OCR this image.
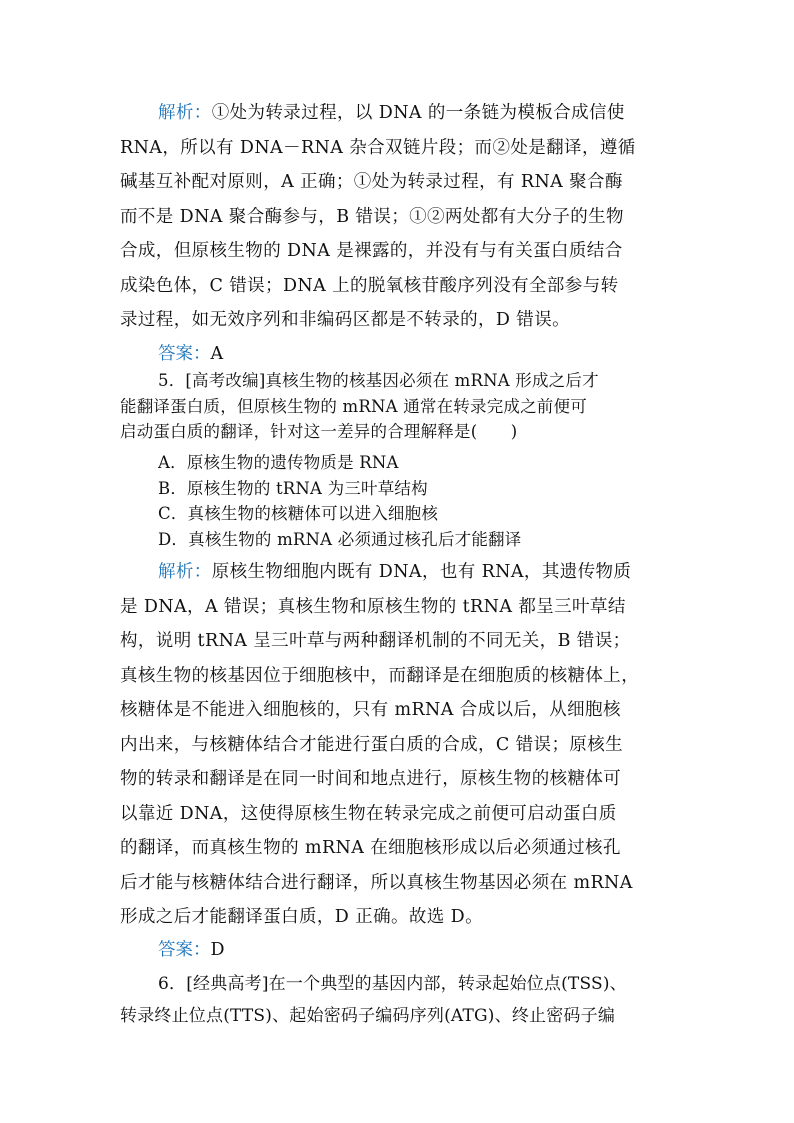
解析：①处为转录过程，以 DNA 的一条链为模板合成信使
RNA，所以有 DNA－RNA 杂合双链片段；而②处是翻译，遵循
碱基互补配对原则，A 正确；①处为转录过程，有 RNA 聚合酶
而不是 DNA 聚合酶参与，B 错误；①②两处都有大分子的生物
合成，但原核生物的 DNA 是裸露的，并没有与有关蛋白质结合
成染色体，C 错误；DNA 上的脱氧核苷酸序列没有全部参与转
录过程，如无效序列和非编码区都是不转录的，D 错误。
答案：A
5．[高考改编]真核生物的核基因必须在 mRNA 形成之后才
能翻译蛋白质，但原核生物的 mRNA 通常在转录完成之前便可
启动蛋白质的翻译，针对这一差异的合理解释是(　　)
A．原核生物的遗传物质是 RNA
B．原核生物的 tRNA 为三叶草结构
C．真核生物的核糖体可以进入细胞核
D．真核生物的 mRNA 必须通过核孔后才能翻译
解析：原核生物细胞内既有 DNA，也有 RNA，其遗传物质
是 DNA，A 错误；真核生物和原核生物的 tRNA 都呈三叶草结
构，说明 tRNA 呈三叶草与两种翻译机制的不同无关，B 错误；
真核生物的核基因位于细胞核中，而翻译是在细胞质的核糖体上，
核糖体是不能进入细胞核的，只有 mRNA 合成以后，从细胞核
内出来，与核糖体结合才能进行蛋白质的合成，C 错误；原核生
物的转录和翻译是在同一时间和地点进行，原核生物的核糖体可
以靠近 DNA，这使得原核生物在转录完成之前便可启动蛋白质
的翻译，而真核生物的 mRNA 在细胞核形成以后必须通过核孔
后才能与核糖体结合进行翻译，所以真核生物基因必须在 mRNA
形成之后才能翻译蛋白质，D 正确。故选 D。
答案：D
6．[经典高考]在一个典型的基因内部，转录起始位点(TSS)、
转录终止位点(TTS)、起始密码子编码序列(ATG)、终止密码子编
